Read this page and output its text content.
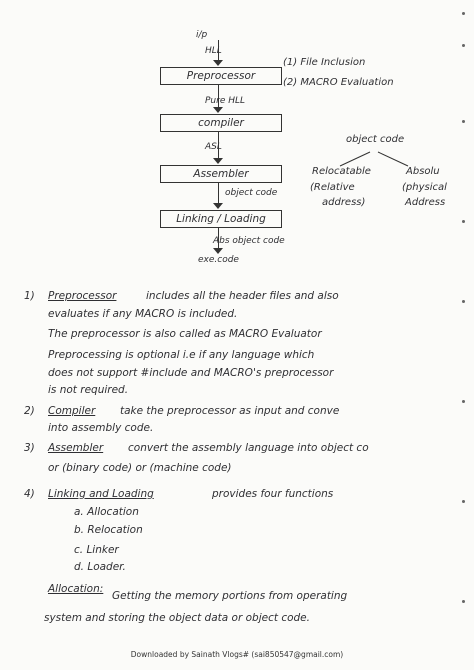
i/p
HLL
Preprocessor
(1) File Inclusion
(2) MACRO Evaluation
Pure HLL
compiler
ASL
Assembler
object code
Linking / Loading
Abs object code
exe.code
object code
Relocatable
(Relative
address)
Absolu
(physical
Address
1) Preprocessor	includes all the header files and also
evaluates if any MACRO is included.
The preprocessor is also called as MACRO Evaluator
Preprocessing is optional i.e if any language which
does not support #include and MACRO's preprocessor
is not required.
2) Compiler take the preprocessor as input and conve
into assembly code.
3) Assembler convert the assembly language into object co
or (binary code) or (machine code)
4) Linking and Loading	provides four functions
a. Allocation
b. Relocation
c. Linker
d. Loader.
Allocation:
Getting the memory portions from operating
system and storing the object data or object code.
Downloaded by Sainath Vlogs# (sai850547@gmail.com)
